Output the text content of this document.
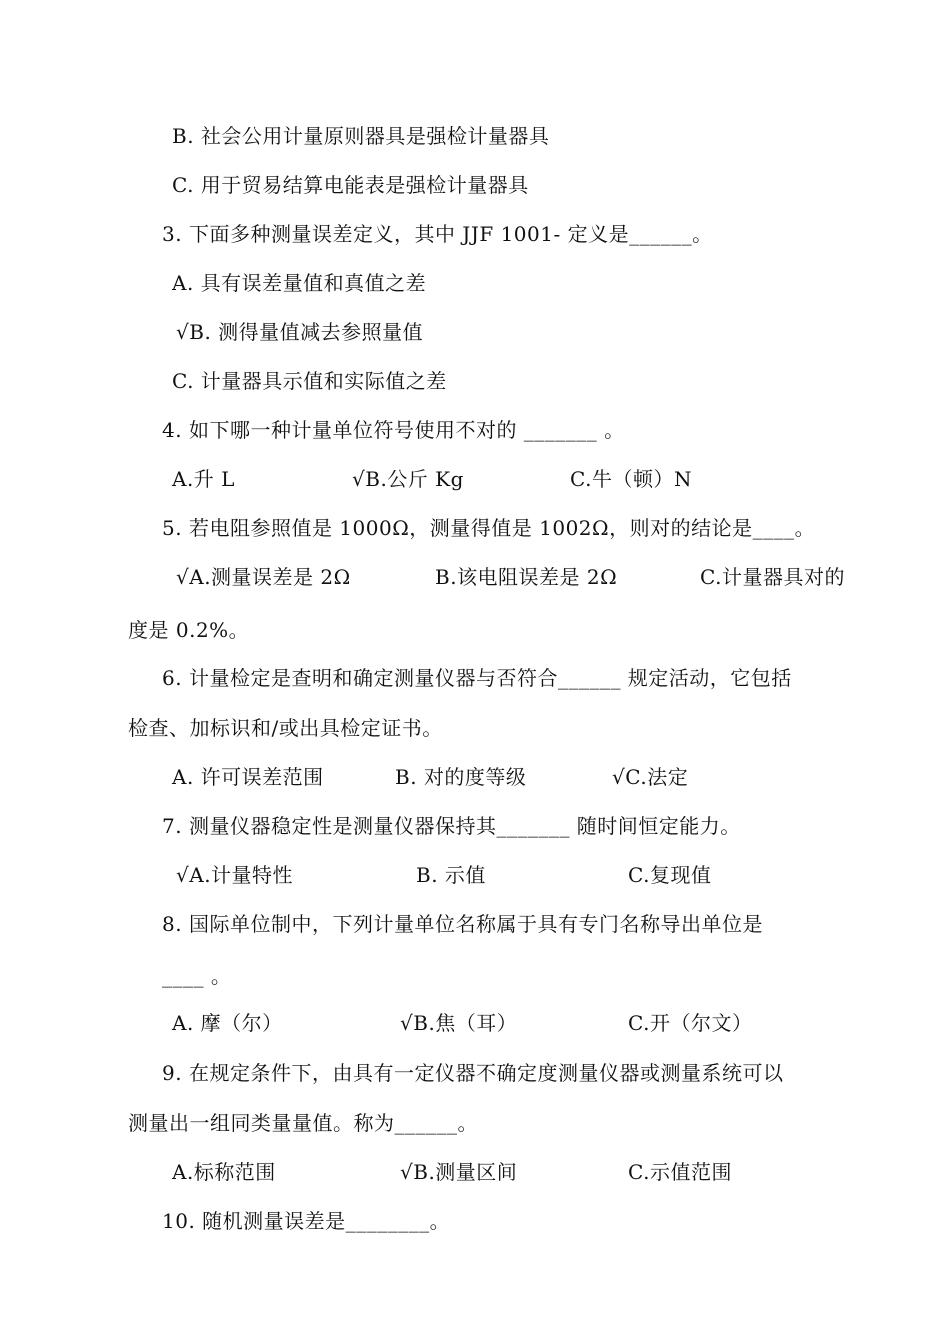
B. 社会公用计量原则器具是强检计量器具
C. 用于贸易结算电能表是强检计量器具
3. 下面多种测量误差定义，其中 JJF 1001- 定义是______。
A. 具有误差量值和真值之差
√B. 测得量值减去参照量值
C. 计量器具示值和实际值之差
4. 如下哪一种计量单位符号使用不对的 _______ 。
A.升 L	√B.公斤 Kg	C.牛（顿）N
5. 若电阻参照值是 1000Ω，测量得值是 1002Ω，则对的结论是____。
√A.测量误差是 2Ω	B.该电阻误差是 2Ω	C.计量器具对的
度是 0.2%。
6. 计量检定是查明和确定测量仪器与否符合______ 规定活动，它包括
检查、加标识和/或出具检定证书。
A. 许可误差范围	B. 对的度等级	√C.法定
7. 测量仪器稳定性是测量仪器保持其_______ 随时间恒定能力。
√A.计量特性	B. 示值	C.复现值
8. 国际单位制中，下列计量单位名称属于具有专门名称导出单位是
____ 。
A. 摩（尔）	√B.焦（耳）	C.开（尔文）
9. 在规定条件下，由具有一定仪器不确定度测量仪器或测量系统可以
测量出一组同类量量值。称为______。
A.标称范围	√B.测量区间	C.示值范围
10. 随机测量误差是________。
